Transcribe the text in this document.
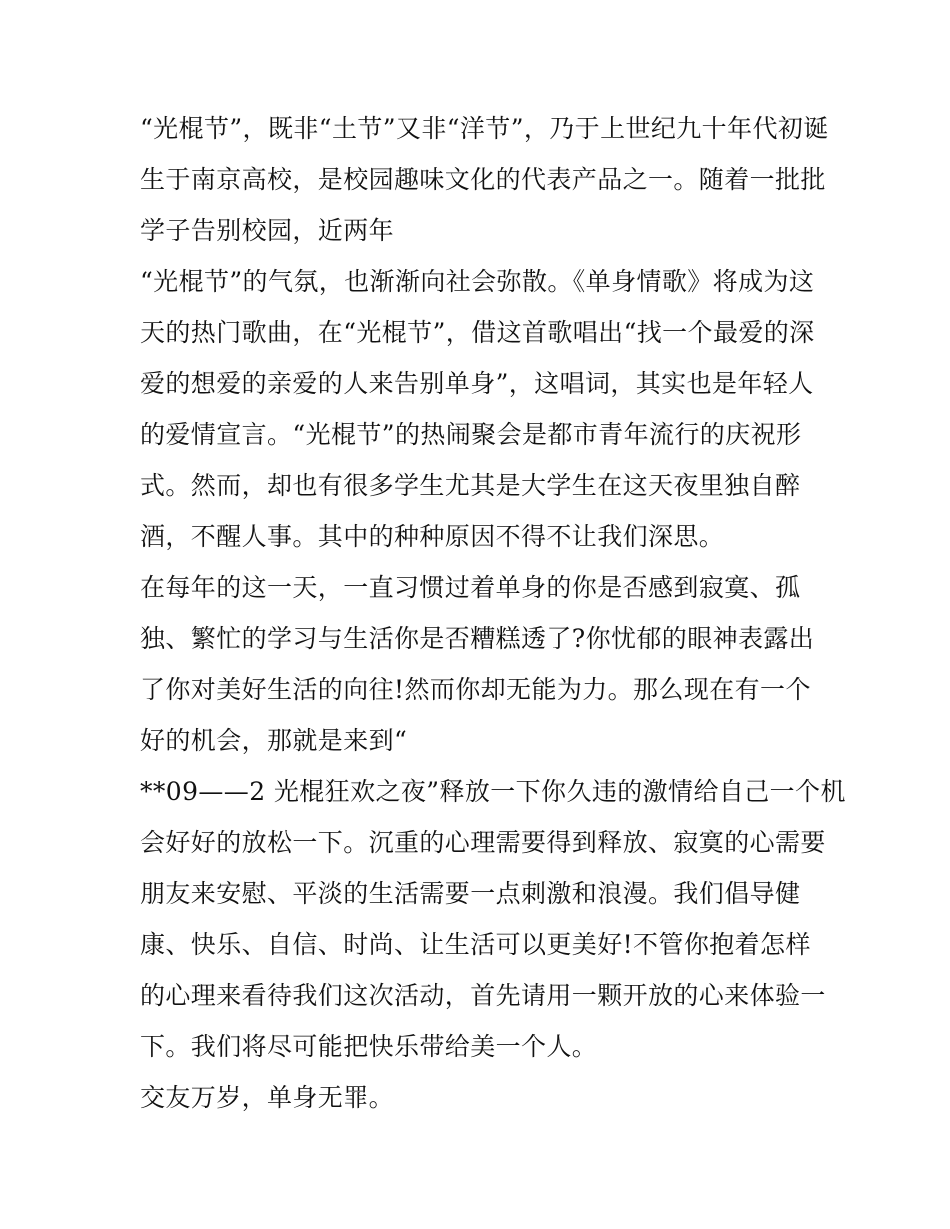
“光棍节”，既非“土节”又非“洋节”，乃于上世纪九十年代初诞
生于南京高校，是校园趣味文化的代表产品之一。随着一批批
学子告别校园，近两年
“光棍节”的气氛，也渐渐向社会弥散。《单身情歌》将成为这
天的热门歌曲，在“光棍节”，借这首歌唱出“找一个最爱的深
爱的想爱的亲爱的人来告别单身”，这唱词，其实也是年轻人
的爱情宣言。“光棍节”的热闹聚会是都市青年流行的庆祝形
式。然而，却也有很多学生尤其是大学生在这天夜里独自醉
酒，不醒人事。其中的种种原因不得不让我们深思。
在每年的这一天，一直习惯过着单身的你是否感到寂寞、孤
独、繁忙的学习与生活你是否糟糕透了?你忧郁的眼神表露出
了你对美好生活的向往!然而你却无能为力。那么现在有一个
好的机会，那就是来到“
**09——2 光棍狂欢之夜”释放一下你久违的激情给自己一个机
会好好的放松一下。沉重的心理需要得到释放、寂寞的心需要
朋友来安慰、平淡的生活需要一点刺激和浪漫。我们倡导健
康、快乐、自信、时尚、让生活可以更美好!不管你抱着怎样
的心理来看待我们这次活动，首先请用一颗开放的心来体验一
下。我们将尽可能把快乐带给美一个人。
交友万岁，单身无罪。
